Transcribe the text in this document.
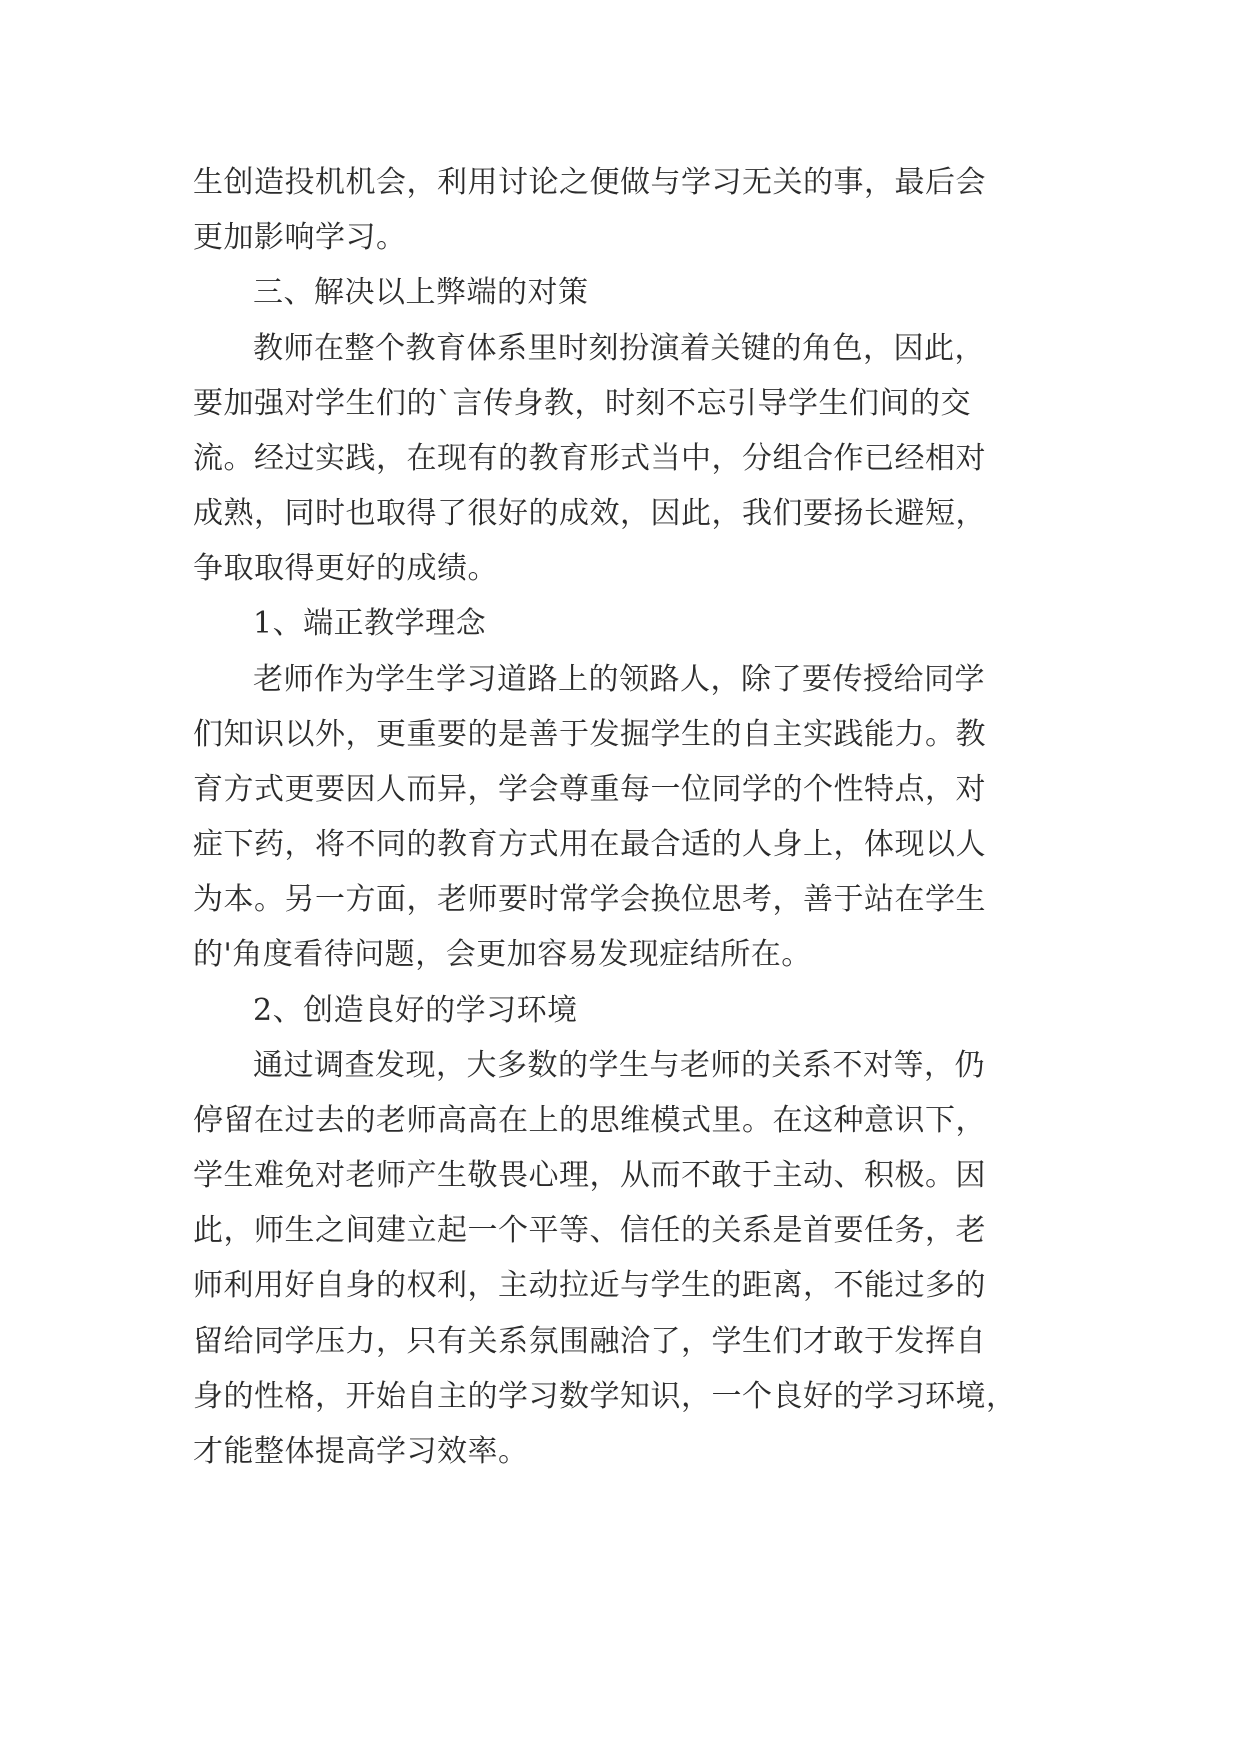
生创造投机机会，利用讨论之便做与学习无关的事，最后会
更加影响学习。
三、解决以上弊端的对策
教师在整个教育体系里时刻扮演着关键的角色，因此，
要加强对学生们的`言传身教，时刻不忘引导学生们间的交
流。经过实践，在现有的教育形式当中，分组合作已经相对
成熟，同时也取得了很好的成效，因此，我们要扬长避短，
争取取得更好的成绩。
1、端正教学理念
老师作为学生学习道路上的领路人，除了要传授给同学
们知识以外，更重要的是善于发掘学生的自主实践能力。教
育方式更要因人而异，学会尊重每一位同学的个性特点，对
症下药，将不同的教育方式用在最合适的人身上，体现以人
为本。另一方面，老师要时常学会换位思考，善于站在学生
的'角度看待问题，会更加容易发现症结所在。
2、创造良好的学习环境
通过调查发现，大多数的学生与老师的关系不对等，仍
停留在过去的老师高高在上的思维模式里。在这种意识下，
学生难免对老师产生敬畏心理，从而不敢于主动、积极。因
此，师生之间建立起一个平等、信任的关系是首要任务，老
师利用好自身的权利，主动拉近与学生的距离，不能过多的
留给同学压力，只有关系氛围融洽了，学生们才敢于发挥自
身的性格，开始自主的学习数学知识，一个良好的学习环境，
才能整体提高学习效率。
